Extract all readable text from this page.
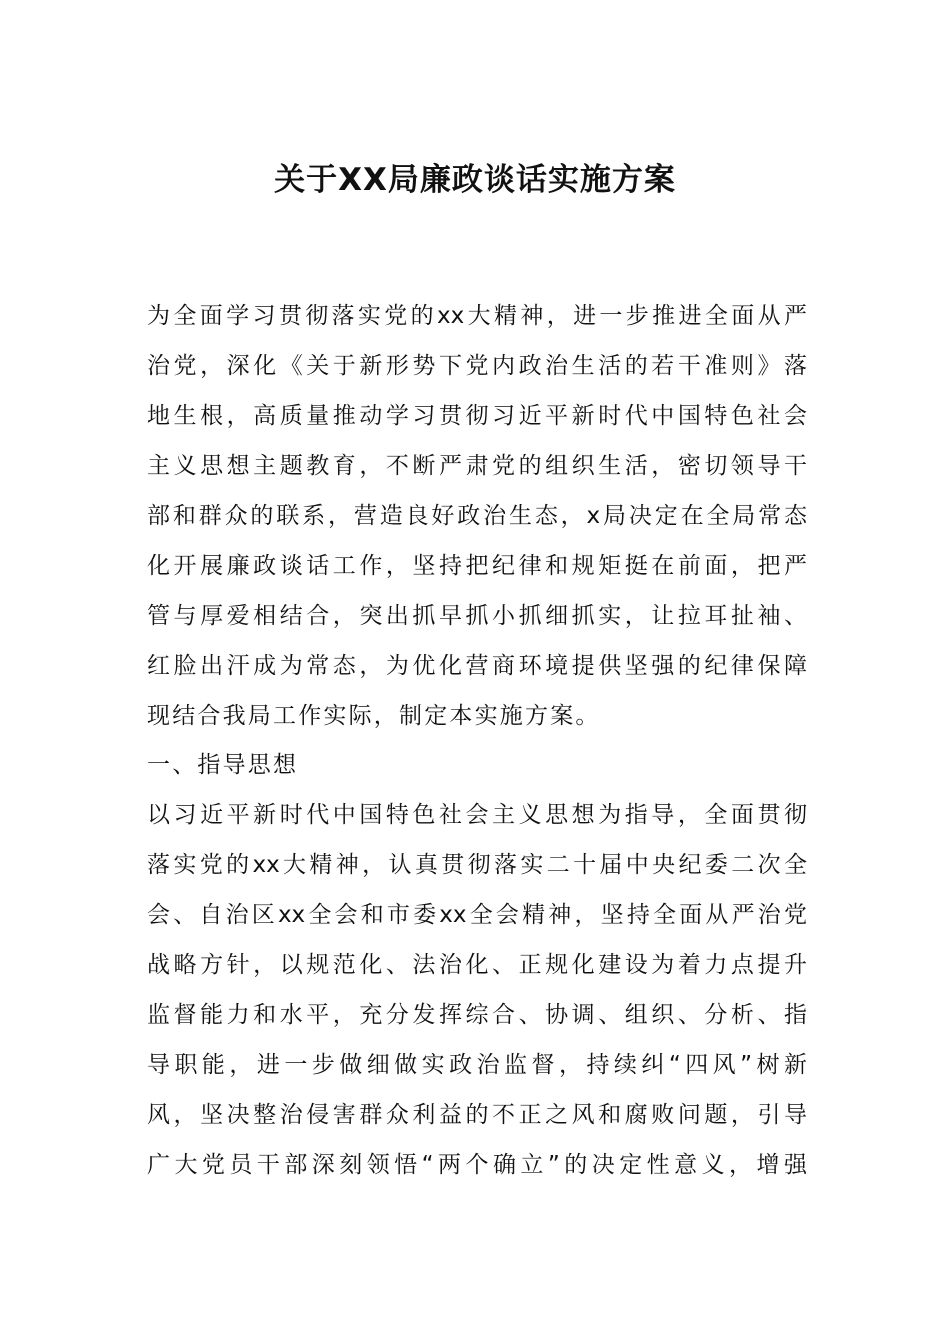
关于XX局廉政谈话实施方案
为全面学习贯彻落实党的xx大精神，进一步推进全面从严
治党，深化《关于新形势下党内政治生活的若干准则》落
地生根，高质量推动学习贯彻习近平新时代中国特色社会
主义思想主题教育，不断严肃党的组织生活，密切领导干
部和群众的联系，营造良好政治生态，x局决定在全局常态
化开展廉政谈话工作，坚持把纪律和规矩挺在前面，把严
管与厚爱相结合，突出抓早抓小抓细抓实，让拉耳扯袖、
红脸出汗成为常态，为优化营商环境提供坚强的纪律保障
现结合我局工作实际，制定本实施方案。
一、指导思想
以习近平新时代中国特色社会主义思想为指导，全面贯彻
落实党的xx大精神，认真贯彻落实二十届中央纪委二次全
会、自治区xx全会和市委xx全会精神，坚持全面从严治党
战略方针，以规范化、法治化、正规化建设为着力点提升
监督能力和水平，充分发挥综合、协调、组织、分析、指
导职能，进一步做细做实政治监督，持续纠“四风”树新
风，坚决整治侵害群众利益的不正之风和腐败问题，引导
广大党员干部深刻领悟“两个确立”的决定性意义，增强
